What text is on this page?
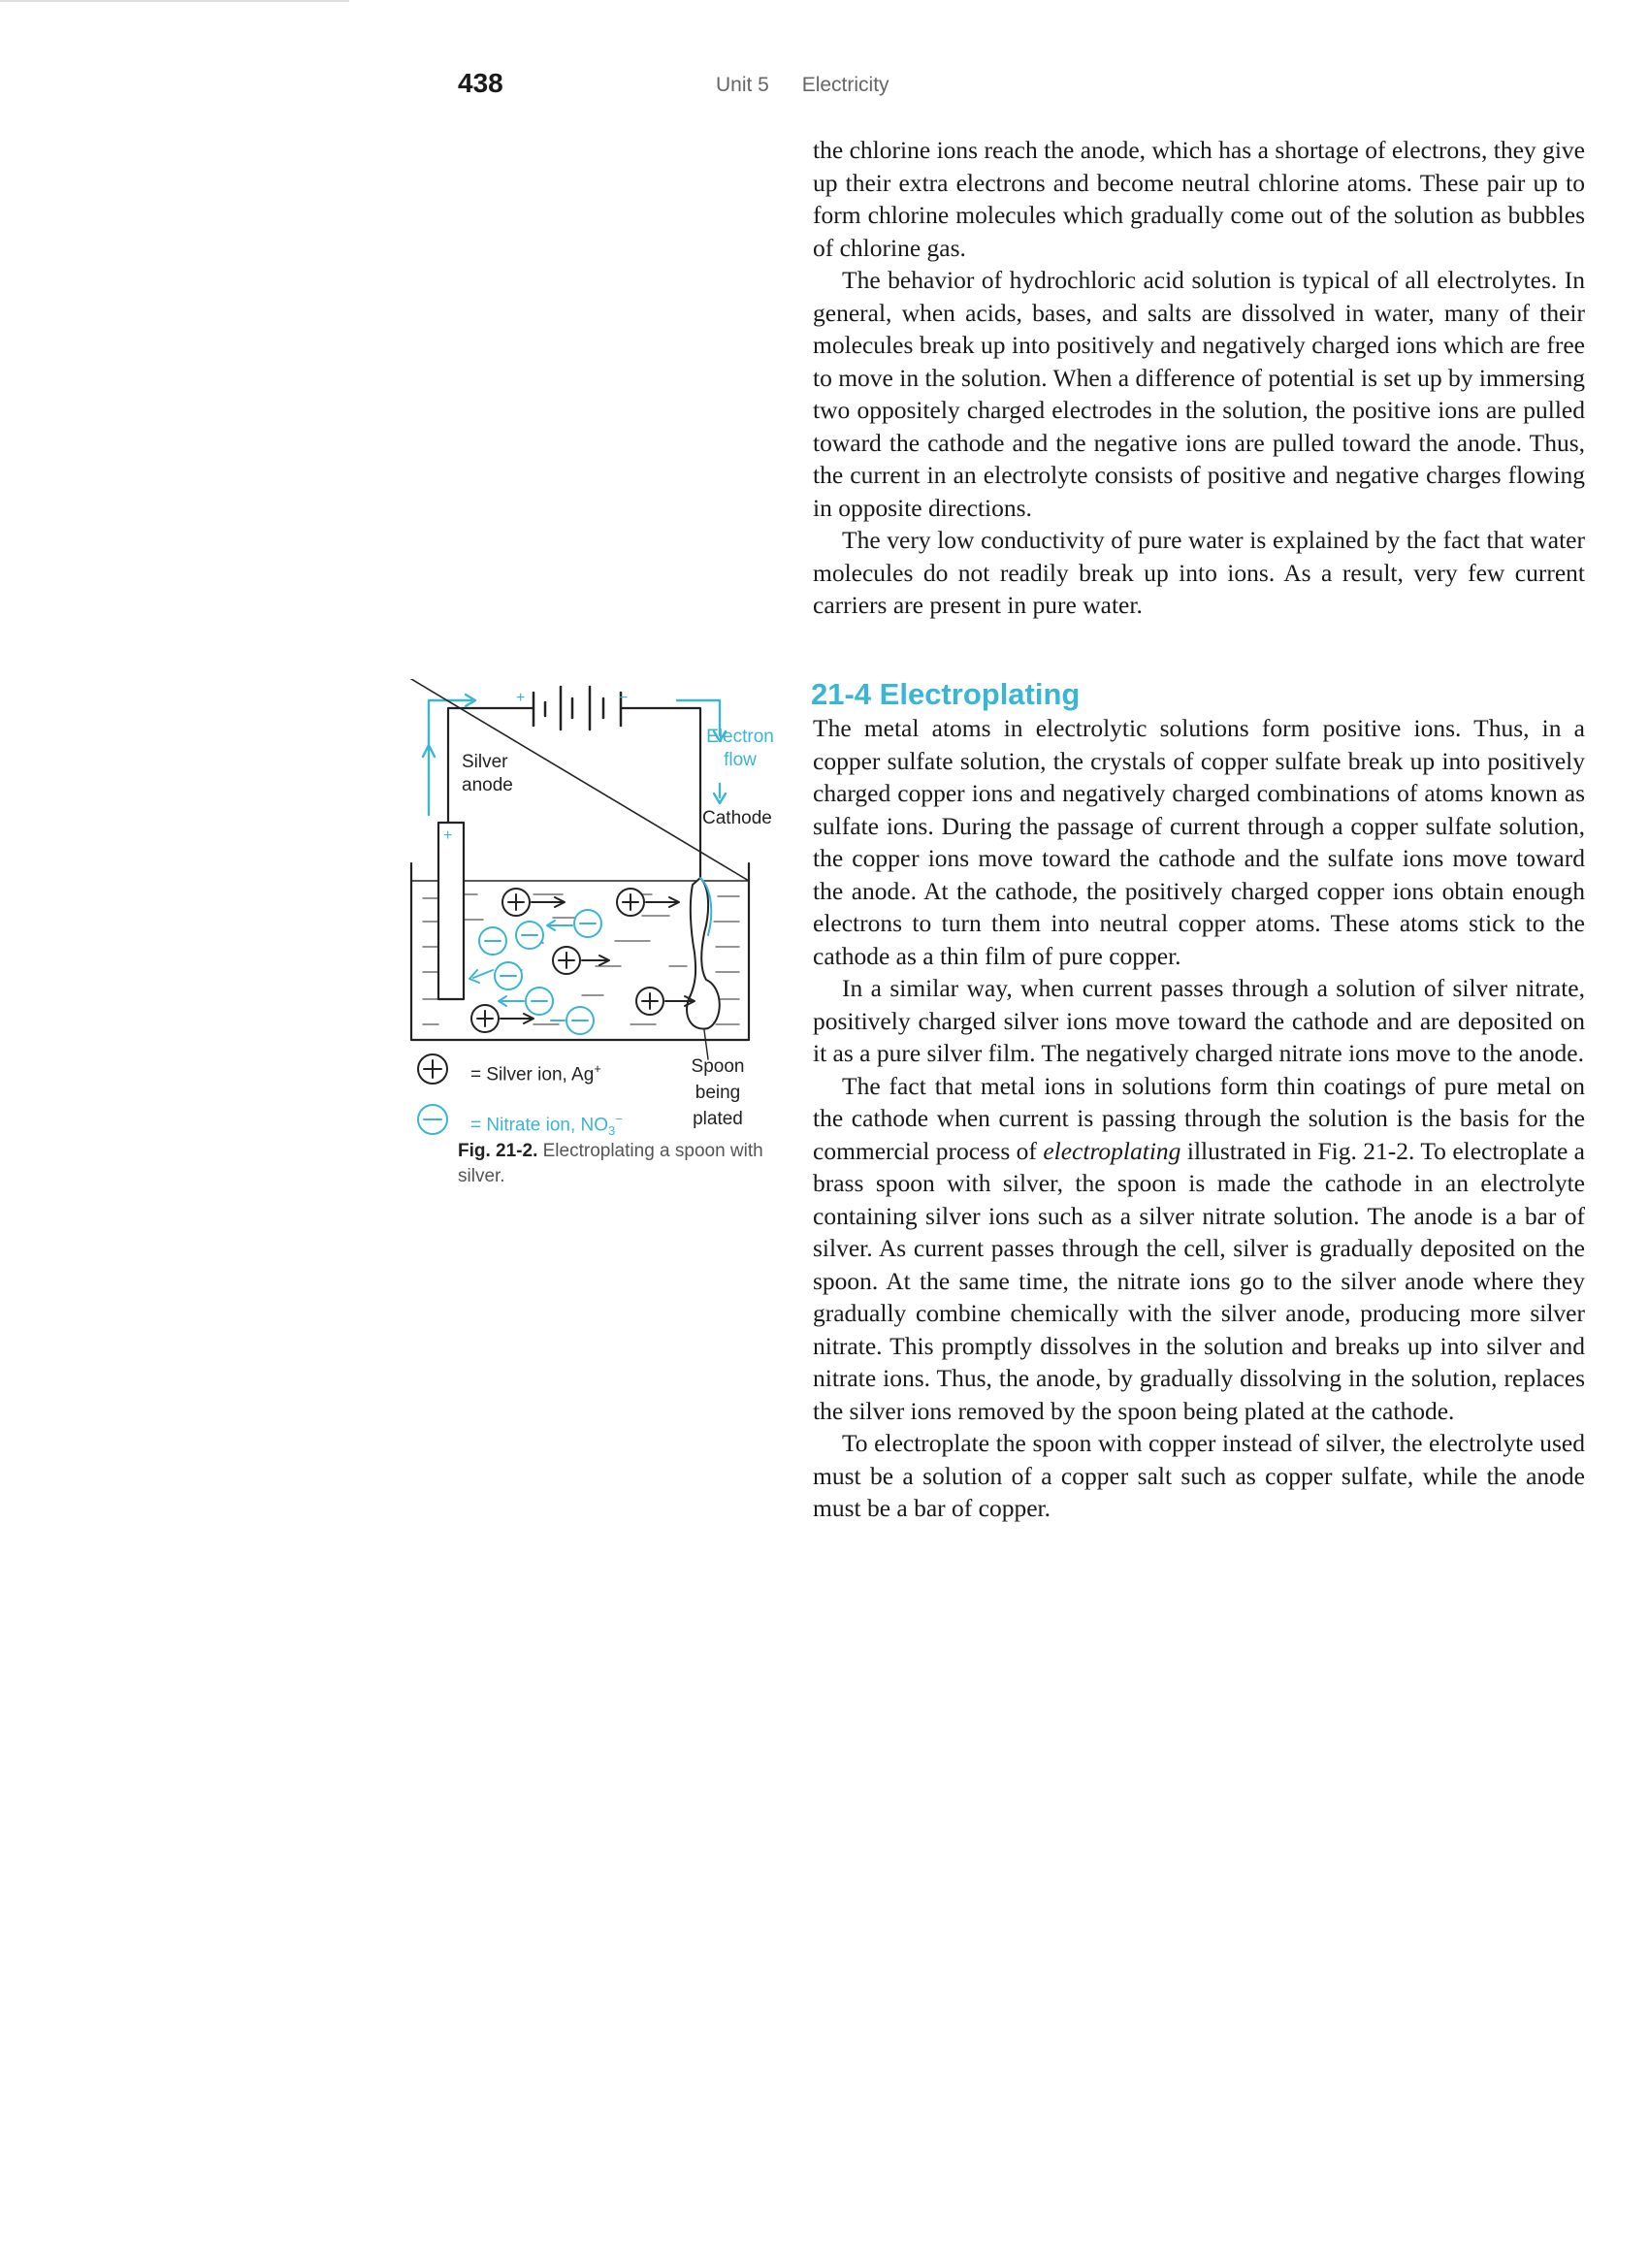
438	Unit 5 Electricity

the chlorine ions reach the anode, which has a shortage of electrons, they give up their extra electrons and become neutral chlorine atoms. These pair up to form chlorine molecules which gradually come out of the solution as bubbles of chlorine gas.

The behavior of hydrochloric acid solution is typical of all electrolytes. In general, when acids, bases, and salts are dissolved in water, many of their molecules break up into positively and negatively charged ions which are free to move in the solution. When a difference of potential is set up by immersing two oppositely charged electrodes in the solution, the positive ions are pulled toward the cathode and the negative ions are pulled toward the anode. Thus, the current in an electrolyte consists of positive and negative charges flowing in opposite directions.

The very low conductivity of pure water is explained by the fact that water molecules do not readily break up into ions. As a result, very few current carriers are present in pure water.

21-4 Electroplating

The metal atoms in electrolytic solutions form positive ions. Thus, in a copper sulfate solution, the crystals of copper sulfate break up into positively charged copper ions and negatively charged combinations of atoms known as sulfate ions. During the passage of current through a copper sulfate solution, the copper ions move toward the cathode and the sulfate ions move toward the anode. At the cathode, the positively charged copper ions obtain enough electrons to turn them into neutral copper atoms. These atoms stick to the cathode as a thin film of pure copper.

In a similar way, when current passes through a solution of silver nitrate, positively charged silver ions move toward the cathode and are deposited on it as a pure silver film. The negatively charged nitrate ions move to the anode.

The fact that metal ions in solutions form thin coatings of pure metal on the cathode when current is passing through the solution is the basis for the commercial process of electroplating illustrated in Fig. 21-2. To electroplate a brass spoon with silver, the spoon is made the cathode in an electrolyte containing silver ions such as a silver nitrate solution. The anode is a bar of silver. As current passes through the cell, silver is gradually deposited on the spoon. At the same time, the nitrate ions go to the silver anode where they gradually combine chemically with the silver anode, producing more silver nitrate. This promptly dissolves in the solution and breaks up into silver and nitrate ions. Thus, the anode, by gradually dissolving in the solution, replaces the silver ions removed by the spoon being plated at the cathode.

To electroplate the spoon with copper instead of silver, the electrolyte used must be a solution of a copper salt such as copper sulfate, while the anode must be a bar of copper.

+	−
+
Silver
anode
Electron
flow
Cathode
Spoon
being
plated
= Silver ion, Ag+
= Nitrate ion, $NO_3^-$
Fig. 21-2. Electroplating a spoon with silver.
